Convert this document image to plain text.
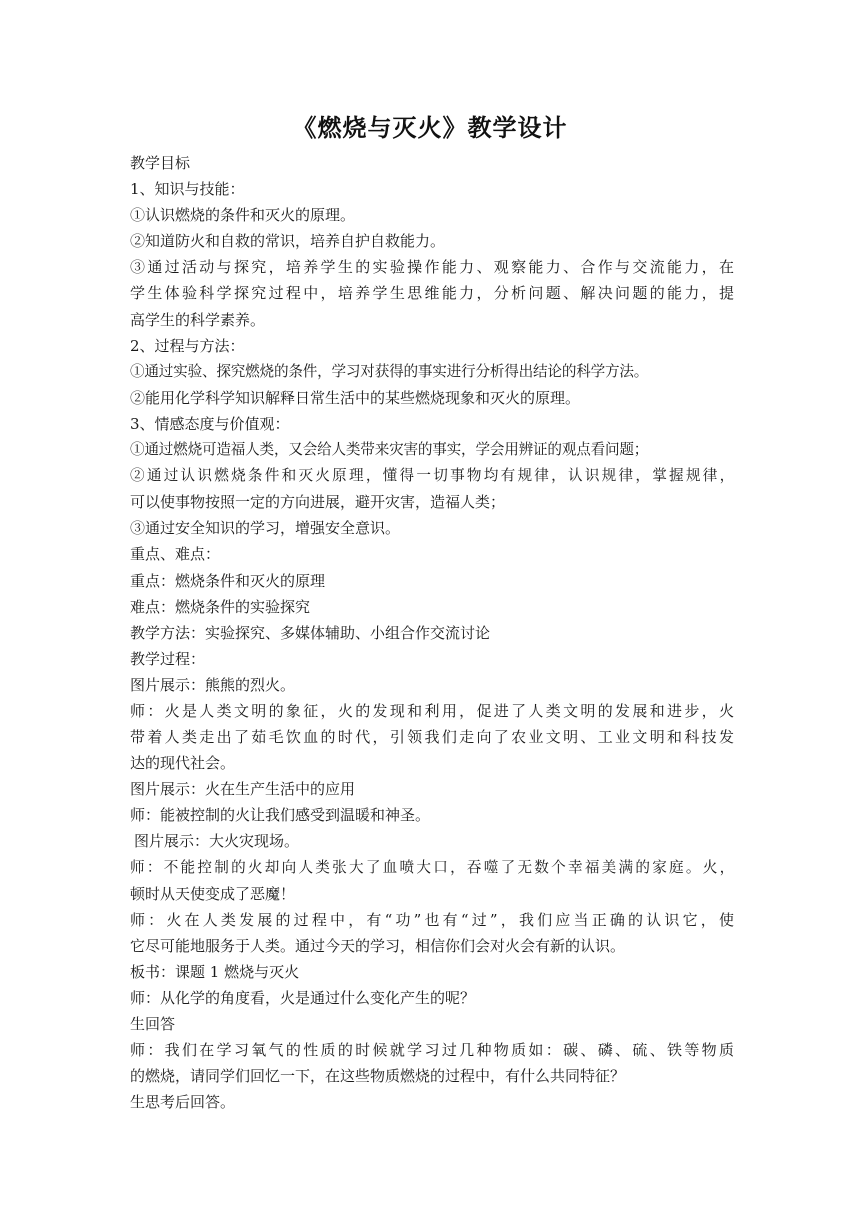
《燃烧与灭火》教学设计
教学目标
1、知识与技能：
①认识燃烧的条件和灭火的原理。
②知道防火和自救的常识，培养自护自救能力。
③通过活动与探究，培养学生的实验操作能力、观察能力、合作与交流能力，在
学生体验科学探究过程中，培养学生思维能力，分析问题、解决问题的能力，提
高学生的科学素养。
2、过程与方法：
①通过实验、探究燃烧的条件，学习对获得的事实进行分析得出结论的科学方法。
②能用化学科学知识解释日常生活中的某些燃烧现象和灭火的原理。
3、情感态度与价值观：
①通过燃烧可造福人类，又会给人类带来灾害的事实，学会用辨证的观点看问题；
②通过认识燃烧条件和灭火原理，懂得一切事物均有规律，认识规律，掌握规律，
可以使事物按照一定的方向进展，避开灾害，造福人类；
③通过安全知识的学习，增强安全意识。
重点、难点：
重点：燃烧条件和灭火的原理
难点：燃烧条件的实验探究
教学方法：实验探究、多媒体辅助、小组合作交流讨论
教学过程：
图片展示：熊熊的烈火。
师：火是人类文明的象征，火的发现和利用，促进了人类文明的发展和进步，火
带着人类走出了茹毛饮血的时代，引领我们走向了农业文明、工业文明和科技发
达的现代社会。
图片展示：火在生产生活中的应用
师：能被控制的火让我们感受到温暖和神圣。
图片展示：大火灾现场。
师：不能控制的火却向人类张大了血喷大口，吞噬了无数个幸福美满的家庭。火，
顿时从天使变成了恶魔！
师：火在人类发展的过程中，有“功”也有“过”，我们应当正确的认识它，使
它尽可能地服务于人类。通过今天的学习，相信你们会对火会有新的认识。
板书：课题 1 燃烧与灭火
师：从化学的角度看，火是通过什么变化产生的呢？
生回答
师：我们在学习氧气的性质的时候就学习过几种物质如：碳、磷、硫、铁等物质
的燃烧，请同学们回忆一下，在这些物质燃烧的过程中，有什么共同特征？
生思考后回答。
